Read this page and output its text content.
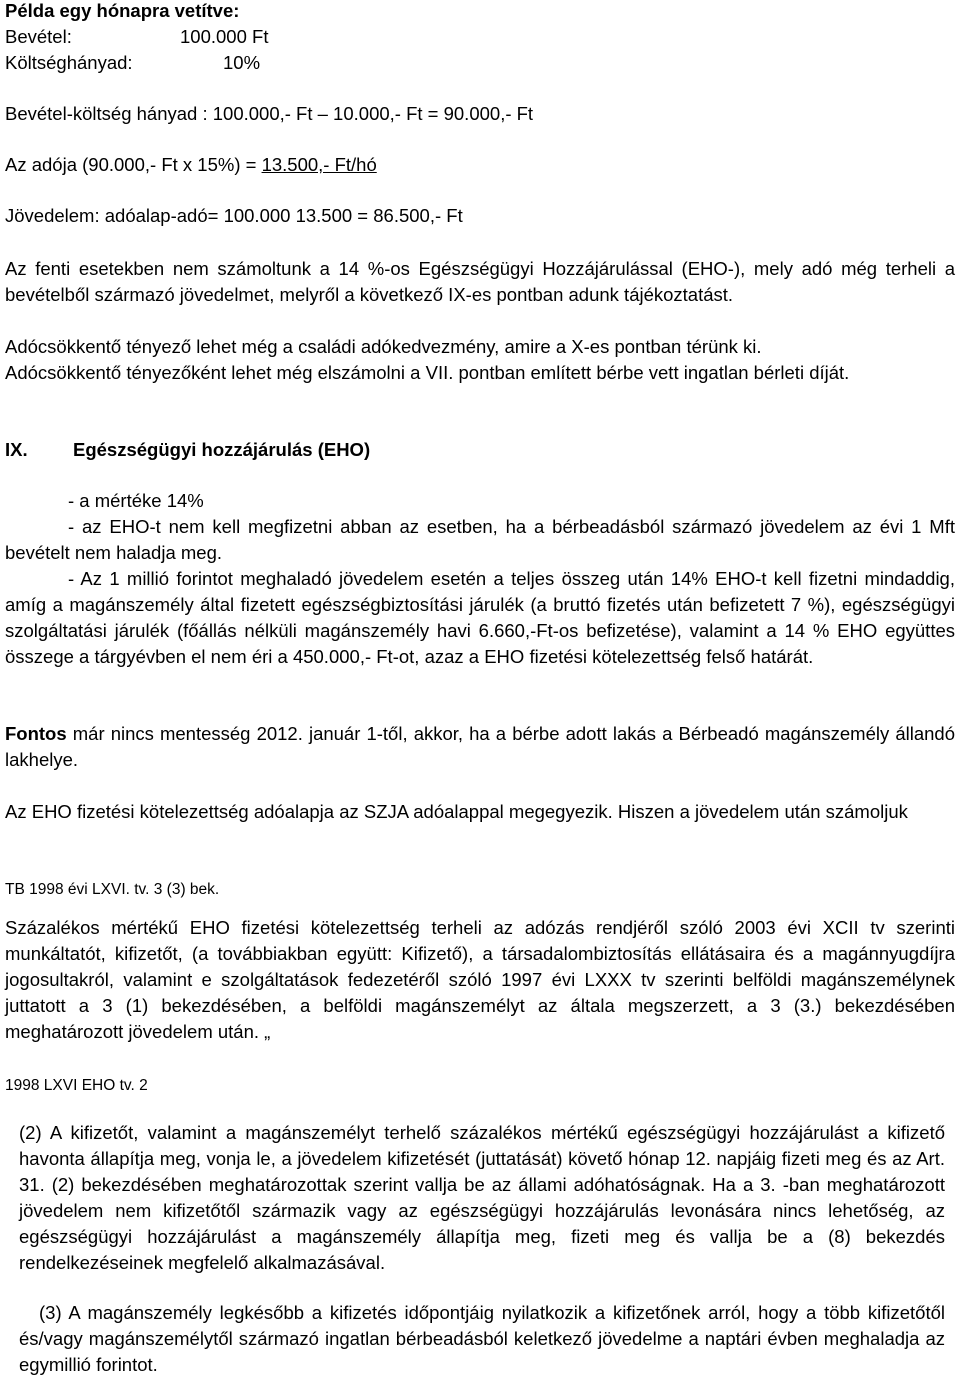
Példa egy hónapra vetítve:
Bevétel:	100.000 Ft
Költséghányad:	10%
Bevétel-költség hányad : 100.000,- Ft – 10.000,- Ft = 90.000,- Ft
Az adója (90.000,- Ft x 15%) = 13.500,- Ft/hó
Jövedelem: adóalap-adó= 100.000 13.500 = 86.500,- Ft

Az fenti esetekben nem számoltunk a 14 %-os Egészségügyi Hozzájárulással (EHO-), mely adó még terheli a bevételből származó jövedelmet, melyről a következő IX-es pontban adunk tájékoztatást.

Adócsökkentő tényező lehet még a családi adókedvezmény, amire a X-es pontban térünk ki.

Adócsökkentő tényezőként lehet még elszámolni a VII. pontban említett bérbe vett ingatlan bérleti díját.

IX. Egészségügyi hozzájárulás (EHO)
- a mértéke 14%

- az EHO-t nem kell megfizetni abban az esetben, ha a bérbeadásból származó jövedelem az évi 1 Mft bevételt nem haladja meg.

- Az 1 millió forintot meghaladó jövedelem esetén a teljes összeg után 14% EHO-t kell fizetni mindaddig, amíg a magánszemély által fizetett egészségbiztosítási járulék (a bruttó fizetés után befizetett 7 %), egészségügyi szolgáltatási járulék (főállás nélküli magánszemély havi 6.660,-Ft-os befizetése), valamint a 14 % EHO együttes összege a tárgyévben el nem éri a 450.000,- Ft-ot, azaz a EHO fizetési kötelezettség felső határát.

Fontos már nincs mentesség 2012. január 1-től, akkor, ha a bérbe adott lakás a Bérbeadó magánszemély állandó lakhelye.

Az EHO fizetési kötelezettség adóalapja az SZJA adóalappal megegyezik. Hiszen a jövedelem után számoljuk

TB 1998 évi LXVI. tv. 3 (3) bek.

Százalékos mértékű EHO fizetési kötelezettség terheli az adózás rendjéről szóló 2003 évi XCII tv szerinti munkáltatót, kifizetőt, (a továbbiakban együtt: Kifizető), a társadalombiztosítás ellátásaira és a magánnyugdíjra jogosultakról, valamint e szolgáltatások fedezetéről szóló 1997 évi LXXX tv szerinti belföldi magánszemélynek juttatott a 3 (1) bekezdésében, a belföldi magánszemélyt az általa megszerzett, a 3 (3.) bekezdésében meghatározott jövedelem után. „

1998 LXVI EHO tv. 2

(2) A kifizetőt, valamint a magánszemélyt terhelő százalékos mértékű egészségügyi hozzájárulást a kifizető havonta állapítja meg, vonja le, a jövedelem kifizetését (juttatását) követő hónap 12. napjáig fizeti meg és az Art. 31. (2) bekezdésében meghatározottak szerint vallja be az állami adóhatóságnak. Ha a 3. -ban meghatározott jövedelem nem kifizetőtől származik vagy az egészségügyi hozzájárulás levonására nincs lehetőség, az egészségügyi hozzájárulást a magánszemély állapítja meg, fizeti meg és vallja be a (8) bekezdés rendelkezéseinek megfelelő alkalmazásával.

(3) A magánszemély legkésőbb a kifizetés időpontjáig nyilatkozik a kifizetőnek arról, hogy a több kifizetőtől és/vagy magánszemélytől származó ingatlan bérbeadásból keletkező jövedelme a naptári évben meghaladja az egymillió forintot.
